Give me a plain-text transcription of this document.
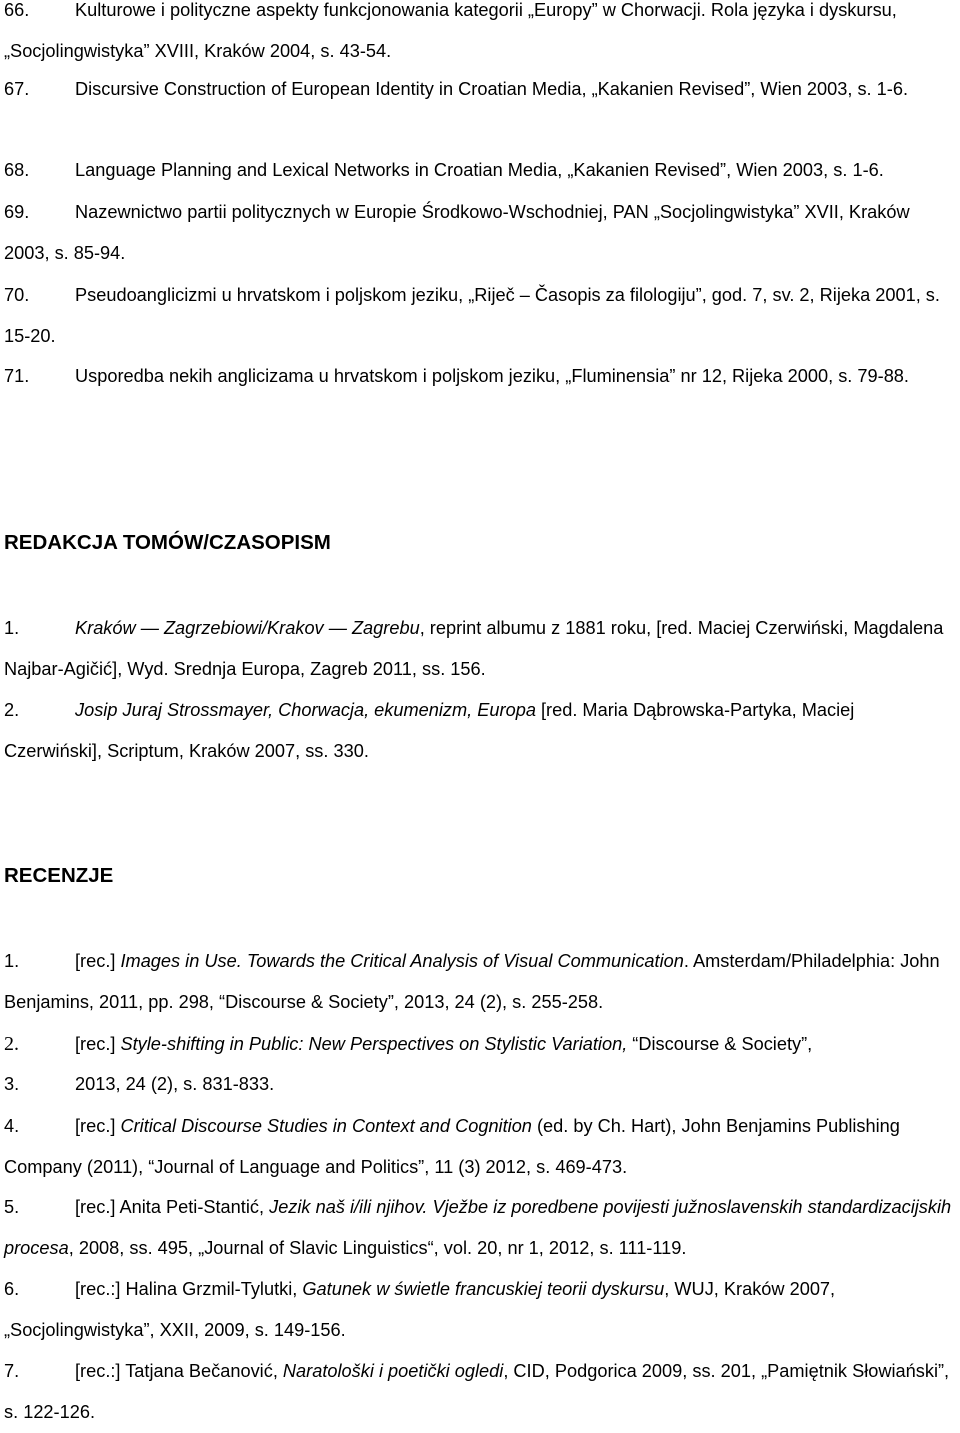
66.	Kulturowe i polityczne aspekty funkcjonowania kategorii „Europy” w Chorwacji. Rola języka i dyskursu, „Socjolingwistyka” XVIII, Kraków 2004, s. 43-54.

67.	Discursive Construction of European Identity in Croatian Media, „Kakanien Revised”, Wien 2003, s. 1-6.

68.	Language Planning and Lexical Networks in Croatian Media, „Kakanien Revised”, Wien 2003, s. 1-6.

69.	Nazewnictwo partii politycznych w Europie Środkowo-Wschodniej, PAN „Socjolingwistyka” XVII, Kraków 2003, s. 85-94.

70.	Pseudoanglicizmi u hrvatskom i poljskom jeziku, „Riječ – Časopis za filologiju”, god. 7, sv. 2, Rijeka 2001, s. 15-20.

71.	Usporedba nekih anglicizama u hrvatskom i poljskom jeziku, „Fluminensia” nr 12, Rijeka 2000, s. 79-88.

REDAKCJA TOMÓW/CZASOPISM

1.	Kraków — Zagrzebiowi/Krakov — Zagrebu, reprint albumu z 1881 roku, [red. Maciej Czerwiński, Magdalena Najbar-Agičić], Wyd. Srednja Europa, Zagreb 2011, ss. 156.

2.	Josip Juraj Strossmayer, Chorwacja, ekumenizm, Europa [red. Maria Dąbrowska-Partyka, Maciej Czerwiński], Scriptum, Kraków 2007, ss. 330.

RECENZJE

1.	[rec.] Images in Use. Towards the Critical Analysis of Visual Communication. Amsterdam/Philadelphia: John Benjamins, 2011, pp. 298, “Discourse & Society”, 2013, 24 (2), s. 255-258.

2.	[rec.] Style-shifting in Public: New Perspectives on Stylistic Variation, “Discourse & Society”,

3.	2013, 24 (2), s. 831-833.

4.	[rec.] Critical Discourse Studies in Context and Cognition (ed. by Ch. Hart), John Benjamins Publishing Company (2011), “Journal of Language and Politics”, 11 (3) 2012, s. 469-473.

5.	[rec.] Anita Peti-Stantić, Jezik naš i/ili njihov. Vježbe iz poredbene povijesti južnoslavenskih standardizacijskih procesa, 2008, ss. 495, „Journal of Slavic Linguistics“, vol. 20, nr 1, 2012, s. 111-119.

6.	[rec.:] Halina Grzmil-Tylutki, Gatunek w świetle francuskiej teorii dyskursu, WUJ, Kraków 2007, „Socjolingwistyka”, XXII, 2009, s. 149-156.

7.	[rec.:] Tatjana Bečanović, Naratološki i poetički ogledi, CID, Podgorica 2009, ss. 201, „Pamiętnik Słowiański”, s. 122-126.
